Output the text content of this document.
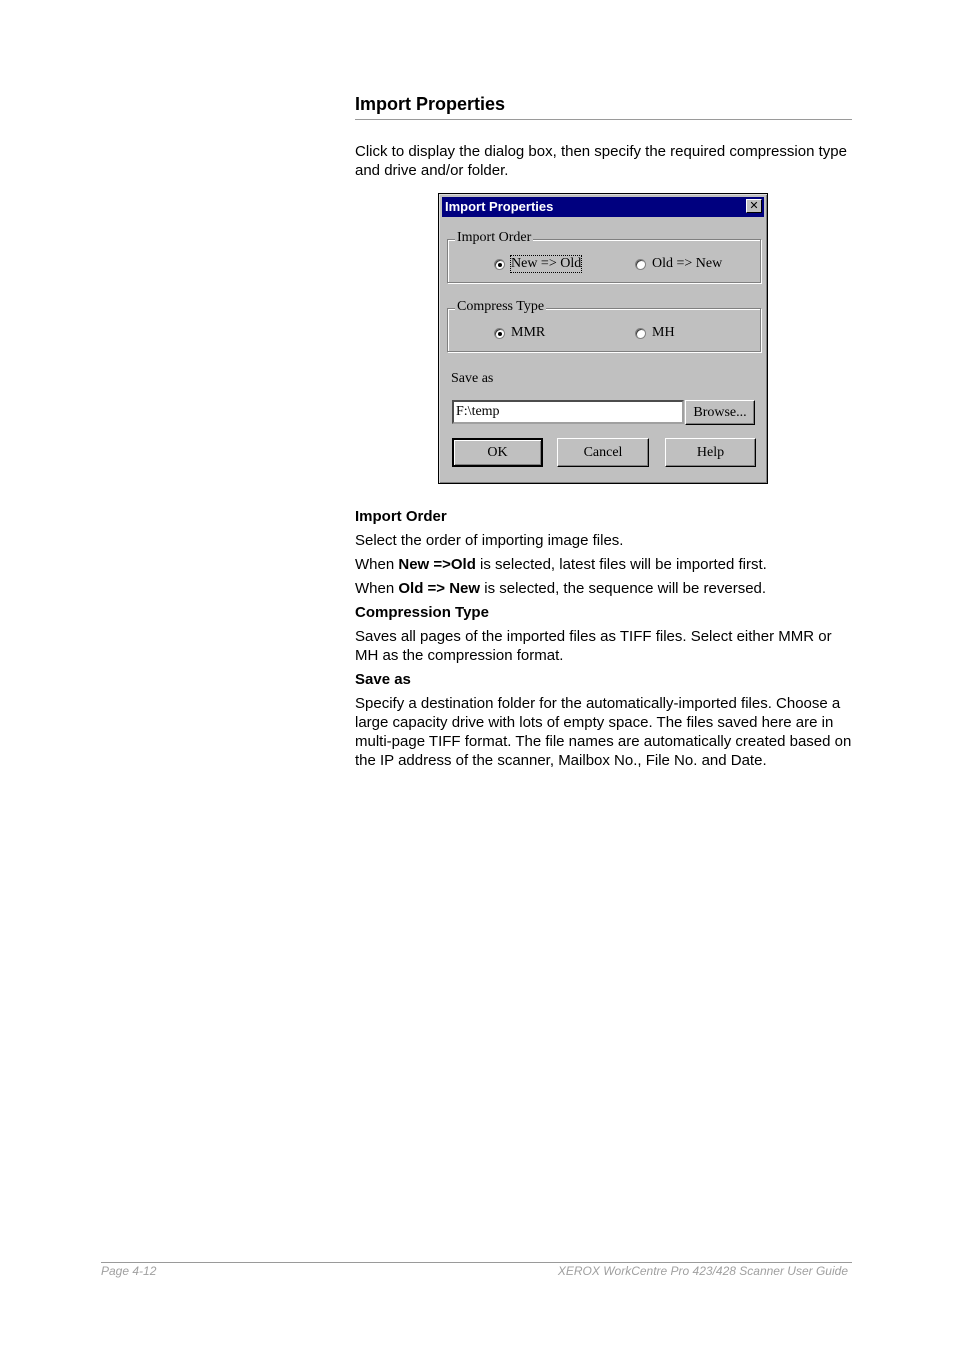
Import Properties

Click to display the dialog box, then specify the required compression type and drive and/or folder.

Import Properties	✕
Import Order
New => Old	Old => New
Compress Type
MMR	MH
Save as
F:\temp	Browse...
OK	Cancel	Help
Import Order

Select the order of importing image files.

When New =>Old is selected, latest files will be imported first.

When Old => New is selected, the sequence will be reversed.

Compression Type

Saves all pages of the imported files as TIFF files. Select either MMR or MH as the compression format.

Save as

Specify a destination folder for the automatically-imported files. Choose a large capacity drive with lots of empty space. The files saved here are in multi-page TIFF format. The file names are automatically created based on the IP address of the scanner, Mailbox No., File No. and Date.

Page 4-12	XEROX WorkCentre Pro 423/428 Scanner User Guide
